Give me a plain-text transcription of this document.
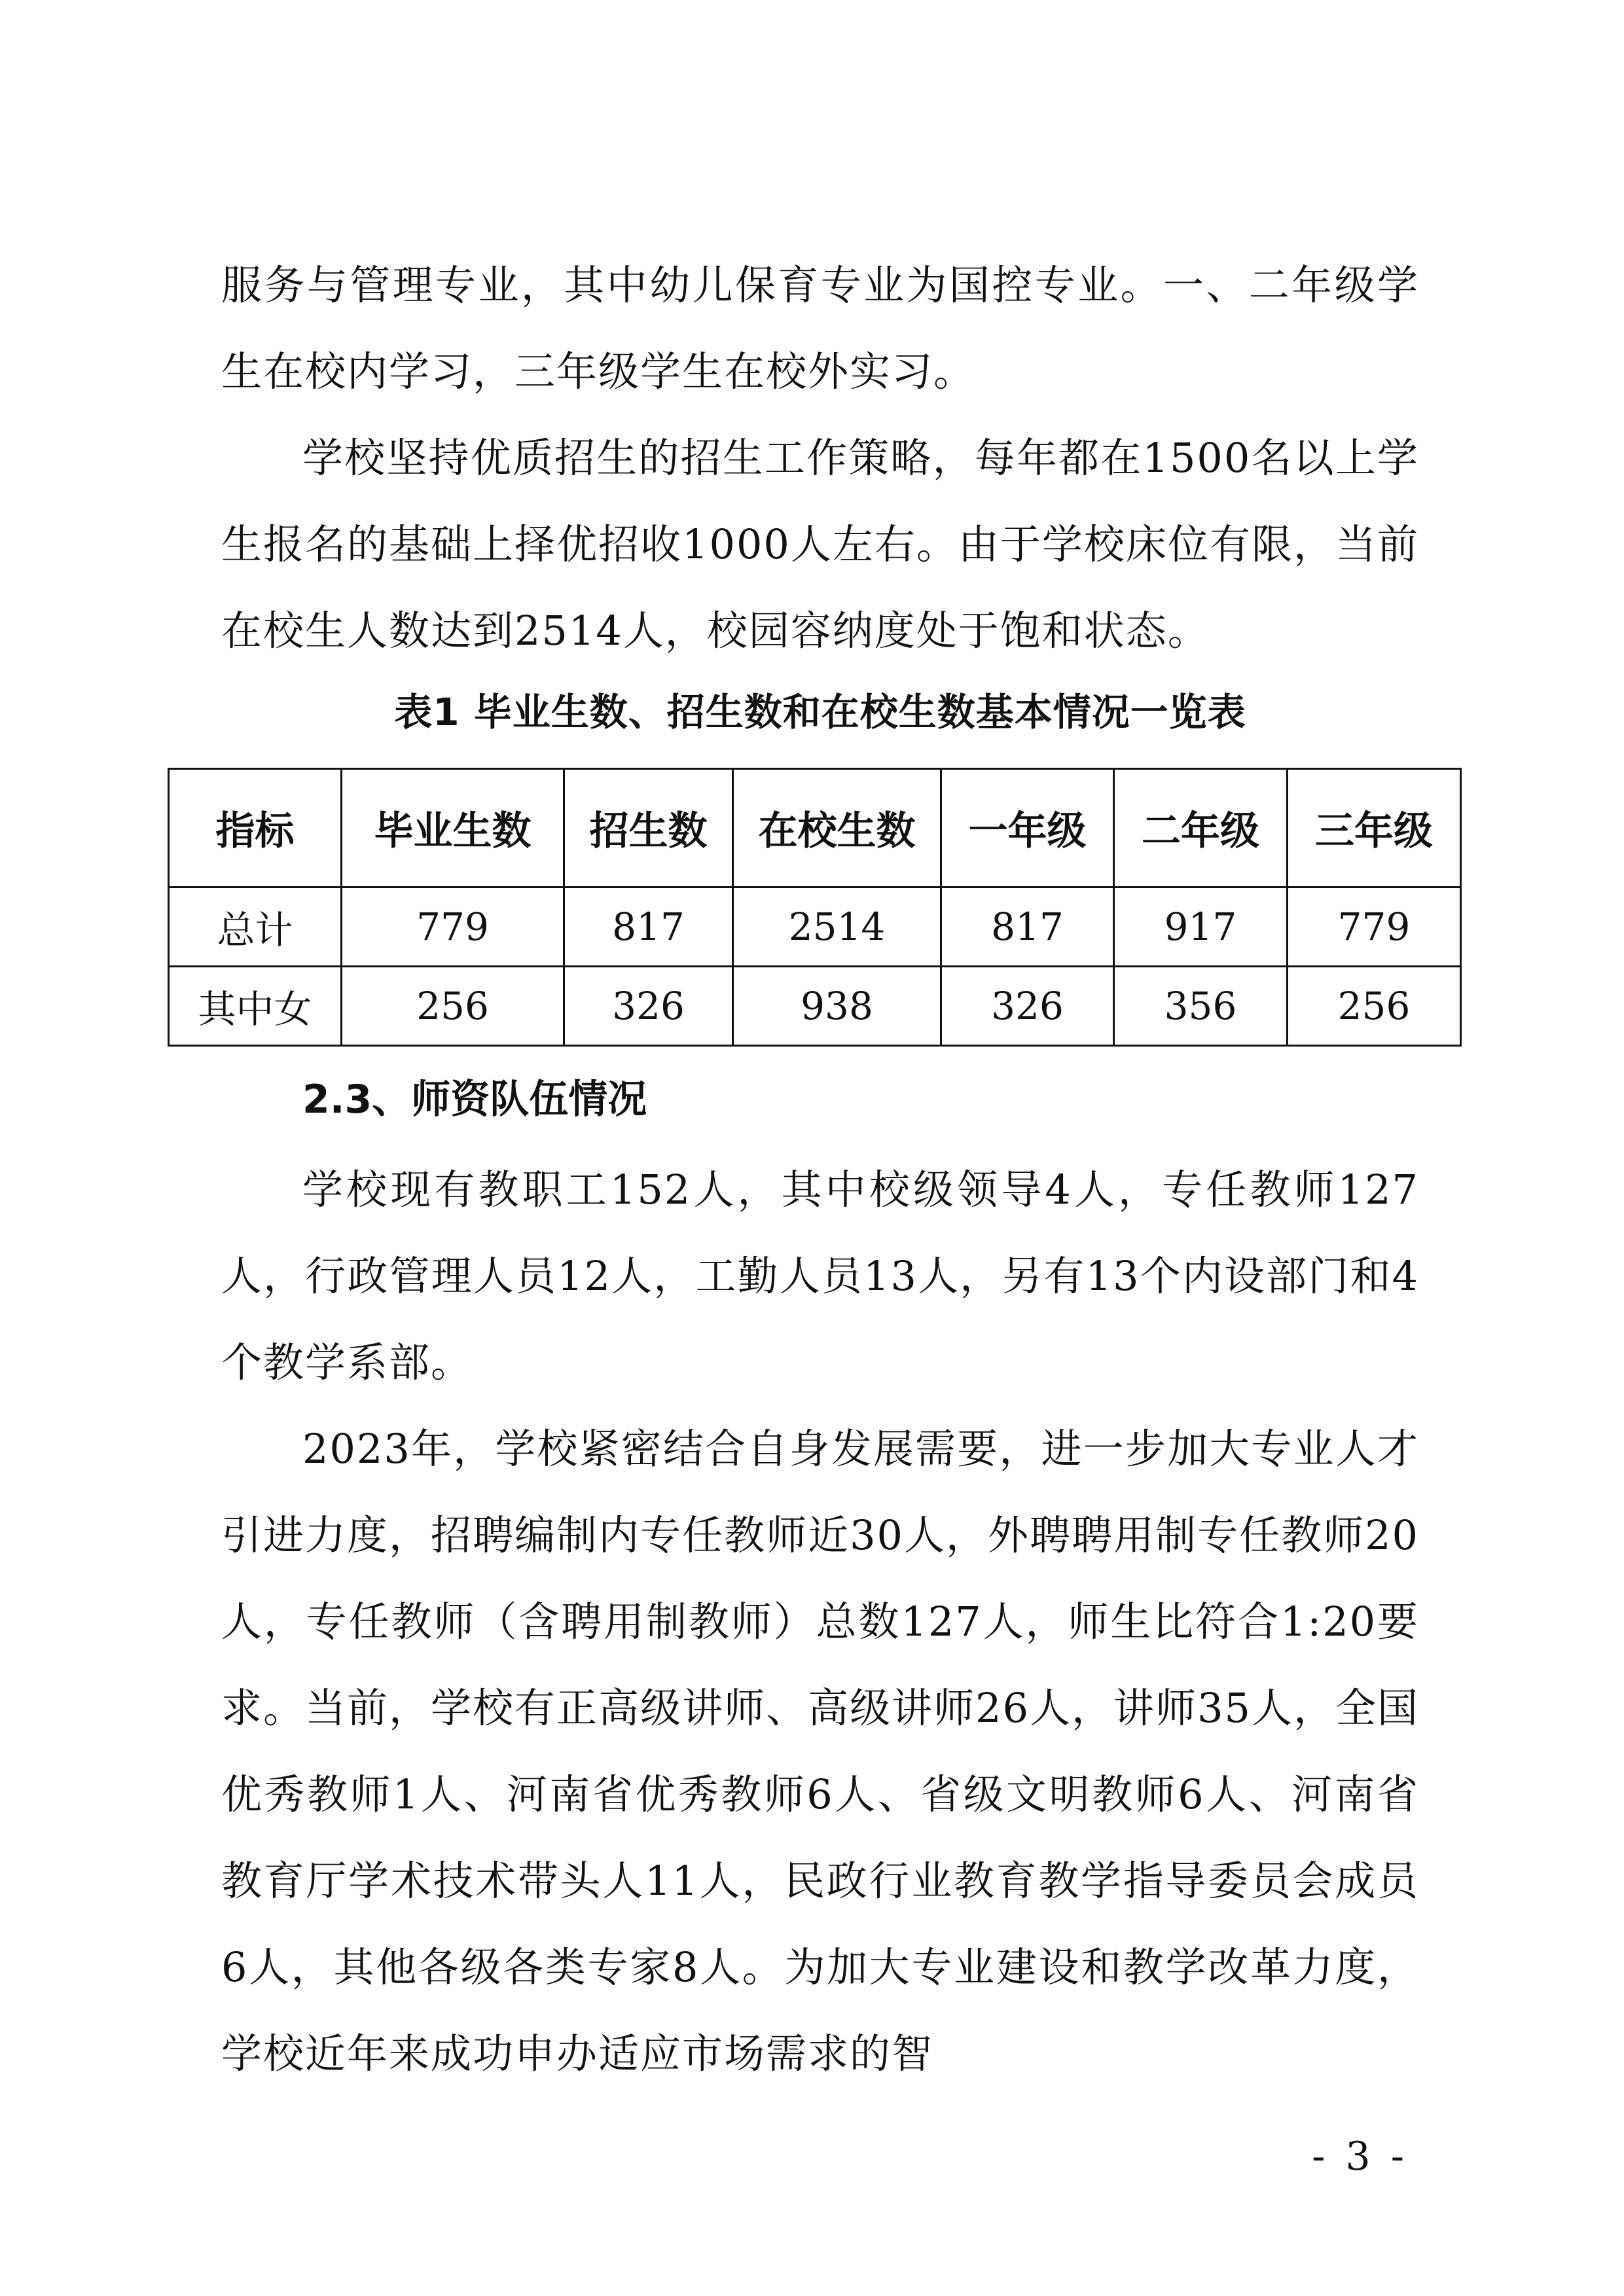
服务与管理专业，其中幼儿保育专业为国控专业。一、二年级学生在校内学习，三年级学生在校外实习。

学校坚持优质招生的招生工作策略，每年都在1500名以上学生报名的基础上择优招收1000人左右。由于学校床位有限，当前在校生人数达到2514人，校园容纳度处于饱和状态。

表1 毕业生数、招生数和在校生数基本情况一览表

指标	毕业生数	招生数	在校生数	一年级	二年级	三年级
总计	779	817	2514	817	917	779
其中女	256	326	938	326	356	256
2.3、师资队伍情况

学校现有教职工152人，其中校级领导4人，专任教师127人，行政管理人员12人，工勤人员13人，另有13个内设部门和4个教学系部。

2023年，学校紧密结合自身发展需要，进一步加大专业人才引进力度，招聘编制内专任教师近30人，外聘聘用制专任教师20人，专任教师（含聘用制教师）总数127人，师生比符合1:20要求。当前，学校有正高级讲师、高级讲师26人，讲师35人，全国优秀教师1人、河南省优秀教师6人、省级文明教师6人、河南省教育厅学术技术带头人11人，民政行业教育教学指导委员会成员6人，其他各级各类专家8人。为加大专业建设和教学改革力度，学校近年来成功申办适应市场需求的智

- 3 -
